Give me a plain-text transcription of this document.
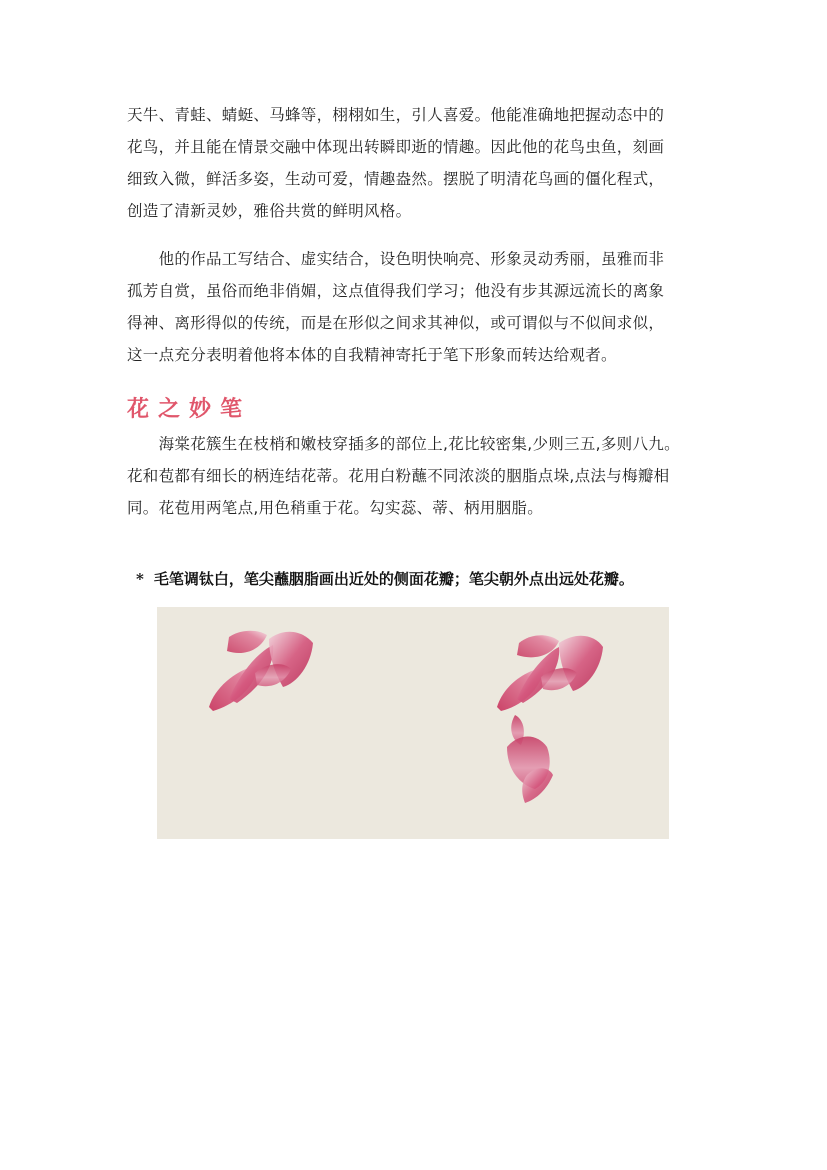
天牛、青蛙、蜻蜓、马蜂等，栩栩如生，引人喜爱。他能准确地把握动态中的
花鸟，并且能在情景交融中体现出转瞬即逝的情趣。因此他的花鸟虫鱼，刻画
细致入微，鲜活多姿，生动可爱，情趣盎然。摆脱了明清花鸟画的僵化程式，
创造了清新灵妙，雅俗共赏的鲜明风格。
　　他的作品工写结合、虚实结合，设色明快响亮、形象灵动秀丽，虽雅而非
孤芳自赏，虽俗而绝非俏媚，这点值得我们学习；他没有步其源远流长的离象
得神、离形得似的传统，而是在形似之间求其神似，或可谓似与不似间求似，
这一点充分表明着他将本体的自我精神寄托于笔下形象而转达给观者。
花之妙笔
　　海棠花簇生在枝梢和嫩枝穿插多的部位上,花比较密集,少则三五,多则八九。
花和苞都有细长的柄连结花蒂。花用白粉蘸不同浓淡的胭脂点垛,点法与梅瓣相
同。花苞用两笔点,用色稍重于花。勾实蕊、蒂、柄用胭脂。

* 毛笔调钛白，笔尖蘸胭脂画出近处的侧面花瓣；笔尖朝外点出远处花瓣。
